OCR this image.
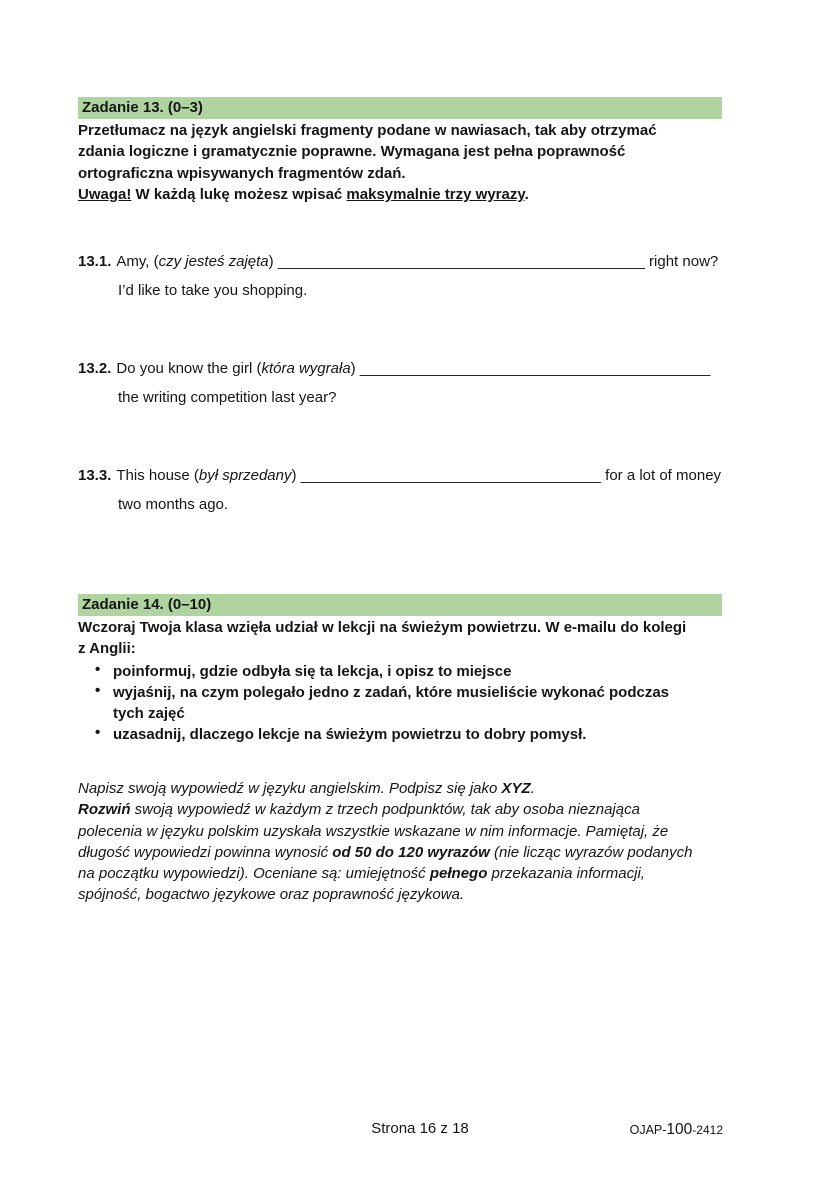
Zadanie 13. (0–3)
Przetłumacz na język angielski fragmenty podane w nawiasach, tak aby otrzymać
zdania logiczne i gramatycznie poprawne. Wymagana jest pełna poprawność
ortograficzna wpisywanych fragmentów zdań.
Uwaga! W każdą lukę możesz wpisać maksymalnie trzy wyrazy.
13.1. Amy, (czy jesteś zajęta) ____________________________________________ right now?
I’d like to take you shopping.
13.2. Do you know the girl (która wygrała) __________________________________________
the writing competition last year?
13.3. This house (był sprzedany) ____________________________________ for a lot of money
two months ago.
Zadanie 14. (0–10)
Wczoraj Twoja klasa wzięła udział w lekcji na świeżym powietrzu. W e-mailu do kolegi
z Anglii:
• poinformuj, gdzie odbyła się ta lekcja, i opisz to miejsce
• wyjaśnij, na czym polegało jedno z zadań, które musieliście wykonać podczas
tych zajęć
• uzasadnij, dlaczego lekcje na świeżym powietrzu to dobry pomysł.
Napisz swoją wypowiedź w języku angielskim. Podpisz się jako XYZ.
Rozwiń swoją wypowiedź w każdym z trzech podpunktów, tak aby osoba nieznająca
polecenia w języku polskim uzyskała wszystkie wskazane w nim informacje. Pamiętaj, że
długość wypowiedzi powinna wynosić od 50 do 120 wyrazów (nie licząc wyrazów podanych
na początku wypowiedzi). Oceniane są: umiejętność pełnego przekazania informacji,
spójność, bogactwo językowe oraz poprawność językowa.
Strona 16 z 18	OJAP-100-2412
